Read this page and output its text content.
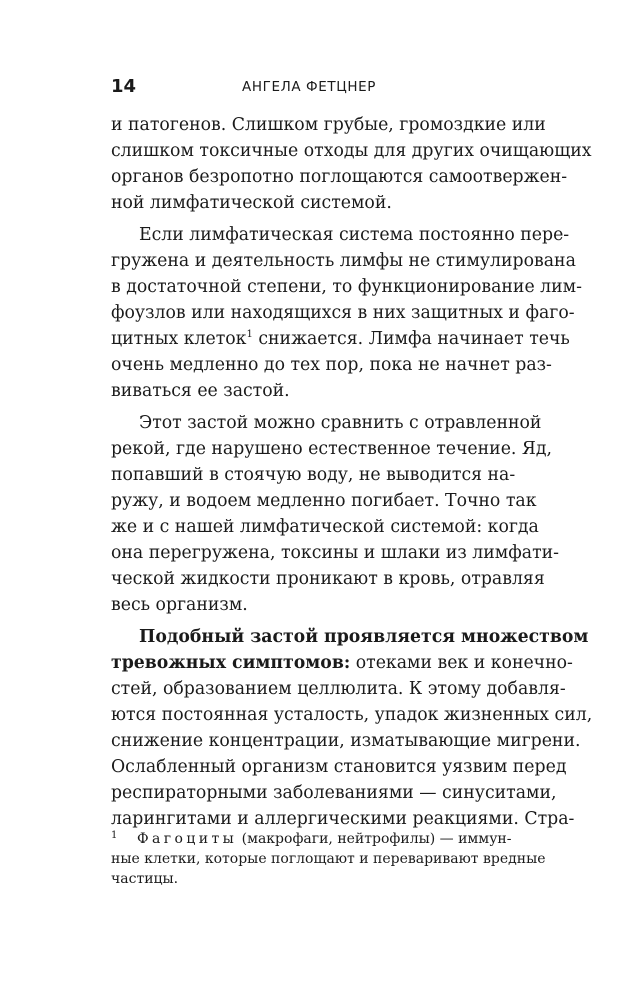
14	АНГЕЛА ФЕТЦНЕР
и патогенов. Слишком грубые, громоздкие или
слишком токсичные отходы для других очищающих
органов безропотно поглощаются самоотвержен-
ной лимфатической системой.
Если лимфатическая система постоянно пере-
гружена и деятельность лимфы не стимулирована
в достаточной степени, то функционирование лим-
фоузлов или находящихся в них защитных и фаго-
цитных клеток$^1$ снижается. Лимфа начинает течь
очень медленно до тех пор, пока не начнет раз-
виваться ее застой.
Этот застой можно сравнить с отравленной
рекой, где нарушено естественное течение. Яд,
попавший в стоячую воду, не выводится на-
ружу, и водоем медленно погибает. Точно так
же и с нашей лимфатической системой: когда
она перегружена, токсины и шлаки из лимфати-
ческой жидкости проникают в кровь, отравляя
весь организм.
Подобный застой проявляется множеством
тревожных симптомов: отеками век и конечно-
стей, образованием целлюлита. К этому добавля-
ются постоянная усталость, упадок жизненных сил,
снижение концентрации, изматывающие мигрени.
Ослабленный организм становится уязвим перед
респираторными заболеваниями — синуситами,
ларингитами и аллергическими реакциями. Стра-
1 Фагоциты (макрофаги, нейтрофилы) — иммун-
ные клетки, которые поглощают и переваривают вредные
частицы.
